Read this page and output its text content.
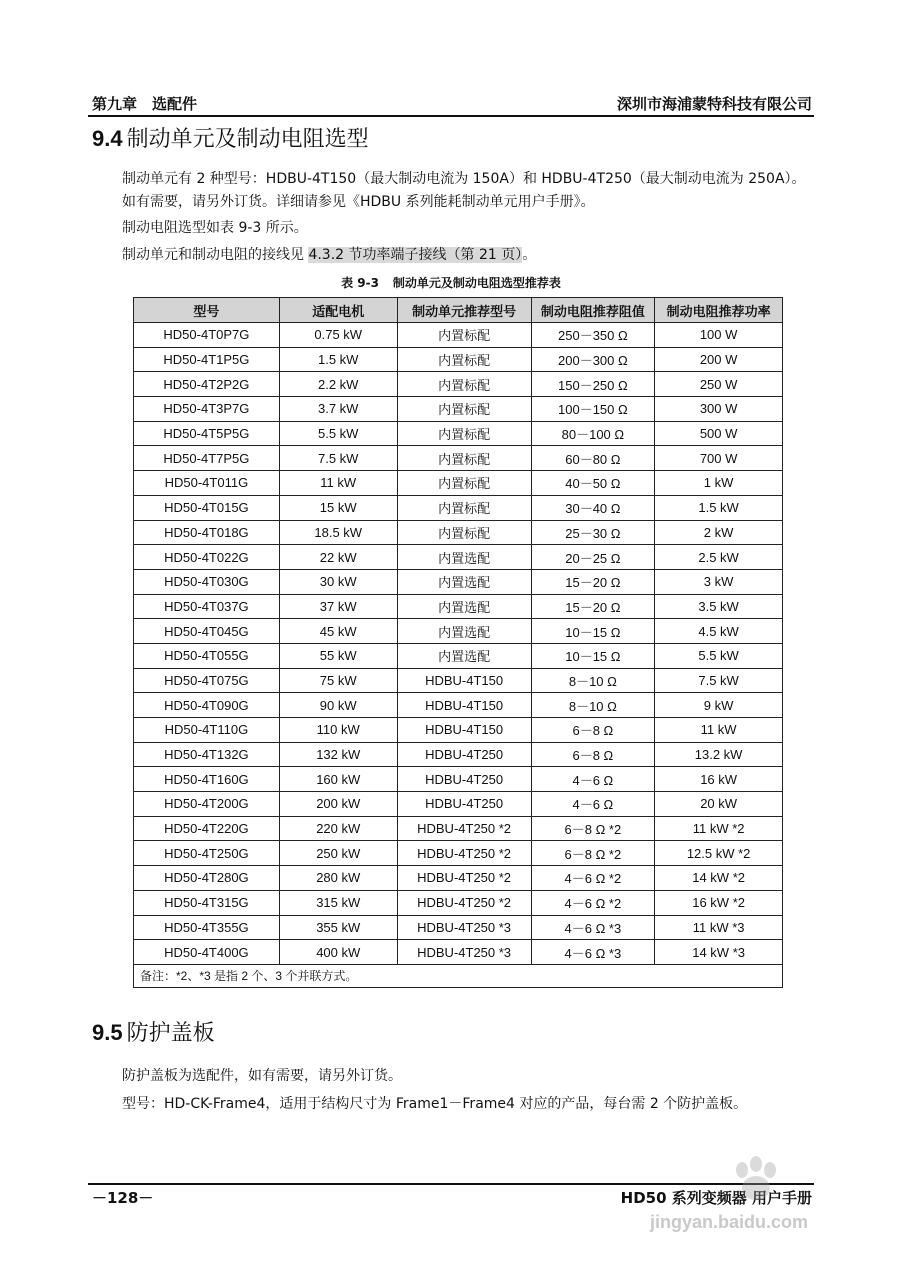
第九章　选配件	深圳市海浦蒙特科技有限公司
9.4 制动单元及制动电阻选型
制动单元有 2 种型号：HDBU-4T150（最大制动电流为 150A）和 HDBU-4T250（最大制动电流为 250A）。如有需要，请另外订货。详细请参见《HDBU 系列能耗制动单元用户手册》。
制动电阻选型如表 9-3 所示。
制动单元和制动电阻的接线见 4.3.2 节功率端子接线（第 21 页）。
表 9-3 制动单元及制动电阻选型推荐表
型号	适配电机	制动单元推荐型号	制动电阻推荐阻值	制动电阻推荐功率
HD50-4T0P7G	0.75 kW	内置标配	250－350 Ω	100 W
HD50-4T1P5G	1.5 kW	内置标配	200－300 Ω	200 W
HD50-4T2P2G	2.2 kW	内置标配	150－250 Ω	250 W
HD50-4T3P7G	3.7 kW	内置标配	100－150 Ω	300 W
HD50-4T5P5G	5.5 kW	内置标配	80－100 Ω	500 W
HD50-4T7P5G	7.5 kW	内置标配	60－80 Ω	700 W
HD50-4T011G	11 kW	内置标配	40－50 Ω	1 kW
HD50-4T015G	15 kW	内置标配	30－40 Ω	1.5 kW
HD50-4T018G	18.5 kW	内置标配	25－30 Ω	2 kW
HD50-4T022G	22 kW	内置选配	20－25 Ω	2.5 kW
HD50-4T030G	30 kW	内置选配	15－20 Ω	3 kW
HD50-4T037G	37 kW	内置选配	15－20 Ω	3.5 kW
HD50-4T045G	45 kW	内置选配	10－15 Ω	4.5 kW
HD50-4T055G	55 kW	内置选配	10－15 Ω	5.5 kW
HD50-4T075G	75 kW	HDBU-4T150	8－10 Ω	7.5 kW
HD50-4T090G	90 kW	HDBU-4T150	8－10 Ω	9 kW
HD50-4T110G	110 kW	HDBU-4T150	6－8 Ω	11 kW
HD50-4T132G	132 kW	HDBU-4T250	6－8 Ω	13.2 kW
HD50-4T160G	160 kW	HDBU-4T250	4－6 Ω	16 kW
HD50-4T200G	200 kW	HDBU-4T250	4－6 Ω	20 kW
HD50-4T220G	220 kW	HDBU-4T250 *2	6－8 Ω *2	11 kW *2
HD50-4T250G	250 kW	HDBU-4T250 *2	6－8 Ω *2	12.5 kW *2
HD50-4T280G	280 kW	HDBU-4T250 *2	4－6 Ω *2	14 kW *2
HD50-4T315G	315 kW	HDBU-4T250 *2	4－6 Ω *2	16 kW *2
HD50-4T355G	355 kW	HDBU-4T250 *3	4－6 Ω *3	11 kW *3
HD50-4T400G	400 kW	HDBU-4T250 *3	4－6 Ω *3	14 kW *3
备注：*2、*3 是指 2 个、3 个并联方式。				
9.5 防护盖板
防护盖板为选配件，如有需要，请另外订货。
型号：HD-CK-Frame4，适用于结构尺寸为 Frame1－Frame4 对应的产品，每台需 2 个防护盖板。
－128－	HD50 系列变频器 用户手册
jingyan.baidu.com
